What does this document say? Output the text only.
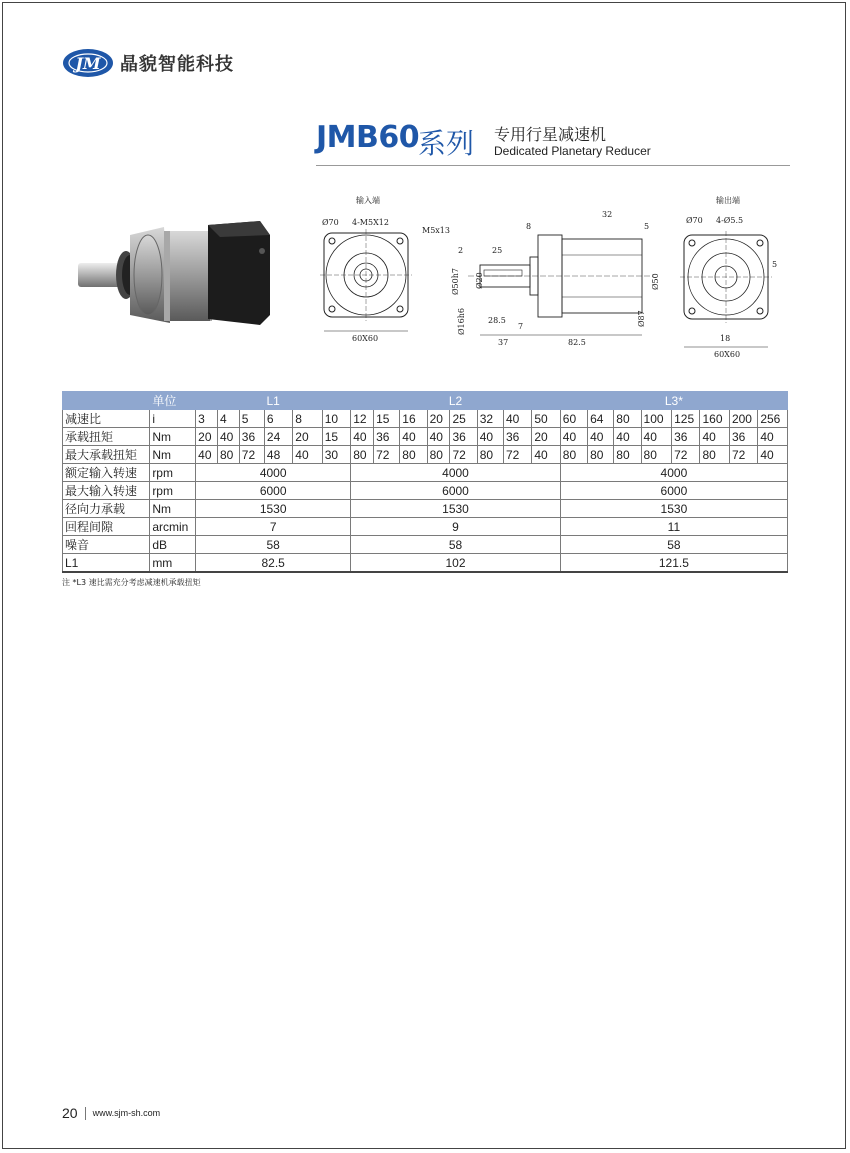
JM 晶貌智能科技
JMB60
系列 专用行星减速机
Dedicated Planetary Reducer
输入端
Ø70 4-M5X12
60X60
M5x13
2	25
8
32
5
Ø50h7 Ø20
Ø16h6
Ø50
Ø87
28.5
7
37	82.5
输出端
Ø70 4-Ø5.5
5
18
60X60
	单位	L1						L2								L3*							
减速比	i	3	4	5	6	8	10	12	15	16	20	25	32	40	50	60	64	80	100	125	160	200	256
承载扭矩	Nm	20	40	36	24	20	15	40	36	40	40	36	40	36	20	40	40	40	40	36	40	36	40
最大承载扭矩	Nm	40	80	72	48	40	30	80	72	80	80	72	80	72	40	80	80	80	80	72	80	72	40
额定输入转速	rpm	4000						4000								4000							
最大输入转速	rpm	6000						6000								6000							
径向力承载	Nm	1530						1530								1530							
回程间隙	arcmin	7						9								11							
噪音	dB	58						58								58							
L1	mm	82.5						102								121.5							
注 *L3 速比需充分考虑减速机承载扭矩
20 www.sjm-sh.com
